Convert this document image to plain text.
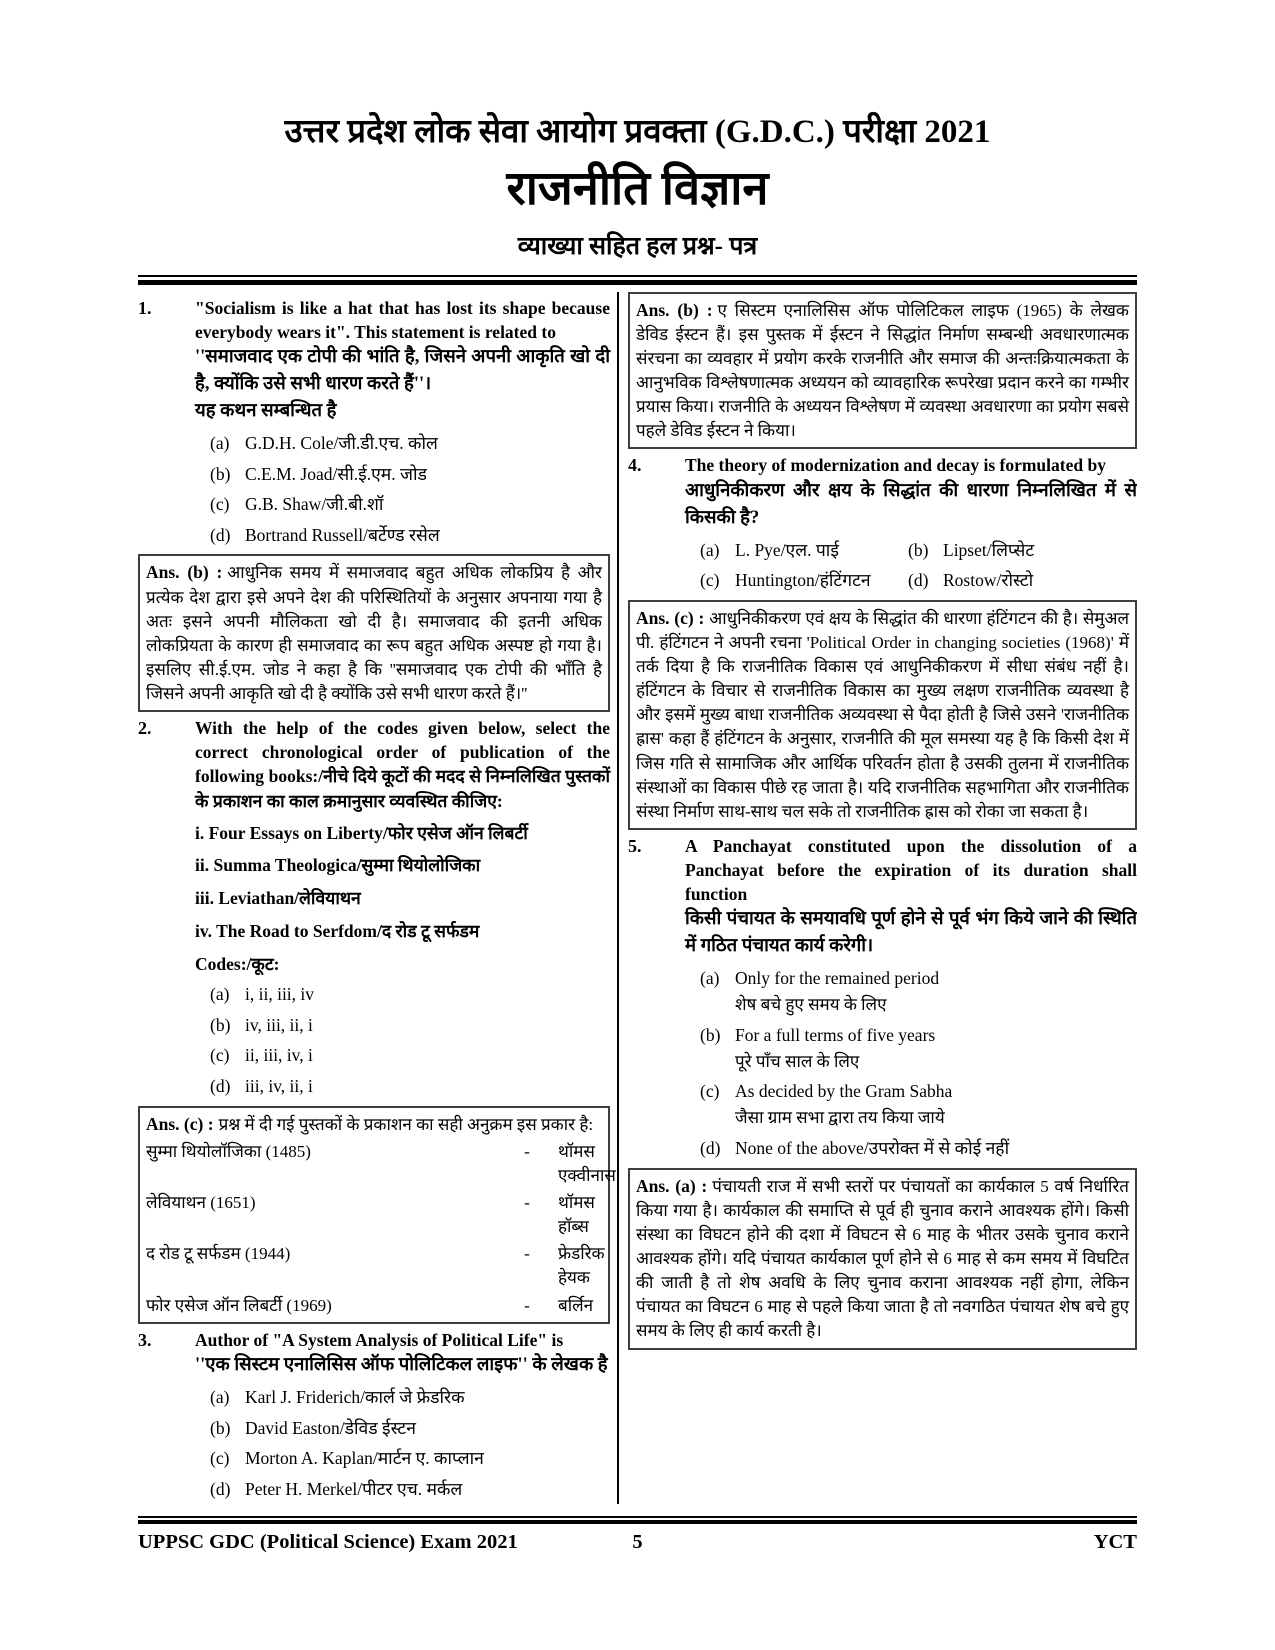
उत्तर प्रदेश लोक सेवा आयोग प्रवक्ता (G.D.C.) परीक्षा 2021
राजनीति विज्ञान
व्याख्या सहित हल प्रश्न- पत्र
1.	"Socialism is like a hat that has lost its shape because everybody wears it". This statement is related to
''समाजवाद एक टोपी की भांति है, जिसने अपनी आकृति खो दी है, क्योंकि उसे सभी धारण करते हैं''।
यह कथन सम्बन्धित है
(a) G.D.H. Cole/जी.डी.एच. कोल
(b) C.E.M. Joad/सी.ई.एम. जोड
(c) G.B. Shaw/जी.बी.शॉ
(d) Bortrand Russell/बर्टेण्ड रसेल
Ans. (b) : आधुनिक समय में समाजवाद बहुत अधिक लोकप्रिय है और प्रत्येक देश द्वारा इसे अपने देश की परिस्थितियों के अनुसार अपनाया गया है अतः इसने अपनी मौलिकता खो दी है। समाजवाद की इतनी अधिक लोकप्रियता के कारण ही समाजवाद का रूप बहुत अधिक अस्पष्ट हो गया है। इसलिए सी.ई.एम. जोड ने कहा है कि ''समाजवाद एक टोपी की भाँति है जिसने अपनी आकृति खो दी है क्योंकि उसे सभी धारण करते हैं।''
2.	With the help of the codes given below, select the correct chronological order of publication of the following books:/नीचे दिये कूटों की मदद से निम्नलिखित पुस्तकों के प्रकाशन का काल क्रमानुसार व्यवस्थित कीजिए:
i. Four Essays on Liberty/फोर एसेज ऑन लिबर्टी
ii. Summa Theologica/सुम्मा थियोलोजिका
iii. Leviathan/लेवियाथन
iv. The Road to Serfdom/द रोड टू सर्फडम
Codes:/कूट:
(a) i, ii, iii, iv
(b) iv, iii, ii, i
(c) ii, iii, iv, i
(d) iii, iv, ii, i
Ans. (c) : प्रश्न में दी गई पुस्तकों के प्रकाशन का सही अनुक्रम इस प्रकार है:
सुम्मा थियोलॉजिका (1485)	-	थॉमस एक्वीनास
लेवियाथन (1651)	-	थॉमस हॉब्स
द रोड टू सर्फडम (1944)	-	फ्रेडरिक हेयक
फोर एसेज ऑन लिबर्टी (1969)	-	बर्लिन
3.	Author of "A System Analysis of Political Life" is
''एक सिस्टम एनालिसिस ऑफ पोलिटिकल लाइफ'' के लेखक है
(a) Karl J. Friderich/कार्ल जे फ्रेडरिक
(b) David Easton/डेविड ईस्टन
(c) Morton A. Kaplan/मार्टन ए. काप्लान
(d) Peter H. Merkel/पीटर एच. मर्कल
Ans. (b) : ए सिस्टम एनालिसिस ऑफ पोलिटिकल लाइफ (1965) के लेखक डेविड ईस्टन हैं। इस पुस्तक में ईस्टन ने सिद्धांत निर्माण सम्बन्धी अवधारणात्मक संरचना का व्यवहार में प्रयोग करके राजनीति और समाज की अन्तःक्रियात्मकता के आनुभविक विश्लेषणात्मक अध्ययन को व्यावहारिक रूपरेखा प्रदान करने का गम्भीर प्रयास किया। राजनीति के अध्ययन विश्लेषण में व्यवस्था अवधारणा का प्रयोग सबसे पहले डेविड ईस्टन ने किया।
4.	The theory of modernization and decay is formulated by
आधुनिकीकरण और क्षय के सिद्धांत की धारणा निम्नलिखित में से किसकी है?
(a) L. Pye/एल. पाई	(b) Lipset/लिप्सेट
(c) Huntington/हंटिंगटन	(d) Rostow/रोस्टो
Ans. (c) : आधुनिकीकरण एवं क्षय के सिद्धांत की धारणा हंटिंगटन की है। सेमुअल पी. हंटिंगटन ने अपनी रचना 'Political Order in changing societies (1968)' में तर्क दिया है कि राजनीतिक विकास एवं आधुनिकीकरण में सीधा संबंध नहीं है। हंटिंगटन के विचार से राजनीतिक विकास का मुख्य लक्षण राजनीतिक व्यवस्था है और इसमें मुख्य बाधा राजनीतिक अव्यवस्था से पैदा होती है जिसे उसने 'राजनीतिक ह्रास' कहा हैं हंटिंगटन के अनुसार, राजनीति की मूल समस्या यह है कि किसी देश में जिस गति से सामाजिक और आर्थिक परिवर्तन होता है उसकी तुलना में राजनीतिक संस्थाओं का विकास पीछे रह जाता है। यदि राजनीतिक सहभागिता और राजनीतिक संस्था निर्माण साथ-साथ चल सके तो राजनीतिक ह्रास को रोका जा सकता है।
5.	A Panchayat constituted upon the dissolution of a Panchayat before the expiration of its duration shall function
किसी पंचायत के समयावधि पूर्ण होने से पूर्व भंग किये जाने की स्थिति में गठित पंचायत कार्य करेगी।
(a) Only for the remained period
शेष बचे हुए समय के लिए
(b) For a full terms of five years
पूरे पाँच साल के लिए
(c) As decided by the Gram Sabha
जैसा ग्राम सभा द्वारा तय किया जाये
(d) None of the above/उपरोक्त में से कोई नहीं
Ans. (a) : पंचायती राज में सभी स्तरों पर पंचायतों का कार्यकाल 5 वर्ष निर्धारित किया गया है। कार्यकाल की समाप्ति से पूर्व ही चुनाव कराने आवश्यक होंगे। किसी संस्था का विघटन होने की दशा में विघटन से 6 माह के भीतर उसके चुनाव कराने आवश्यक होंगे। यदि पंचायत कार्यकाल पूर्ण होने से 6 माह से कम समय में विघटित की जाती है तो शेष अवधि के लिए चुनाव कराना आवश्यक नहीं होगा, लेकिन पंचायत का विघटन 6 माह से पहले किया जाता है तो नवगठित पंचायत शेष बचे हुए समय के लिए ही कार्य करती है।
UPPSC GDC (Political Science) Exam 2021	5	YCT
